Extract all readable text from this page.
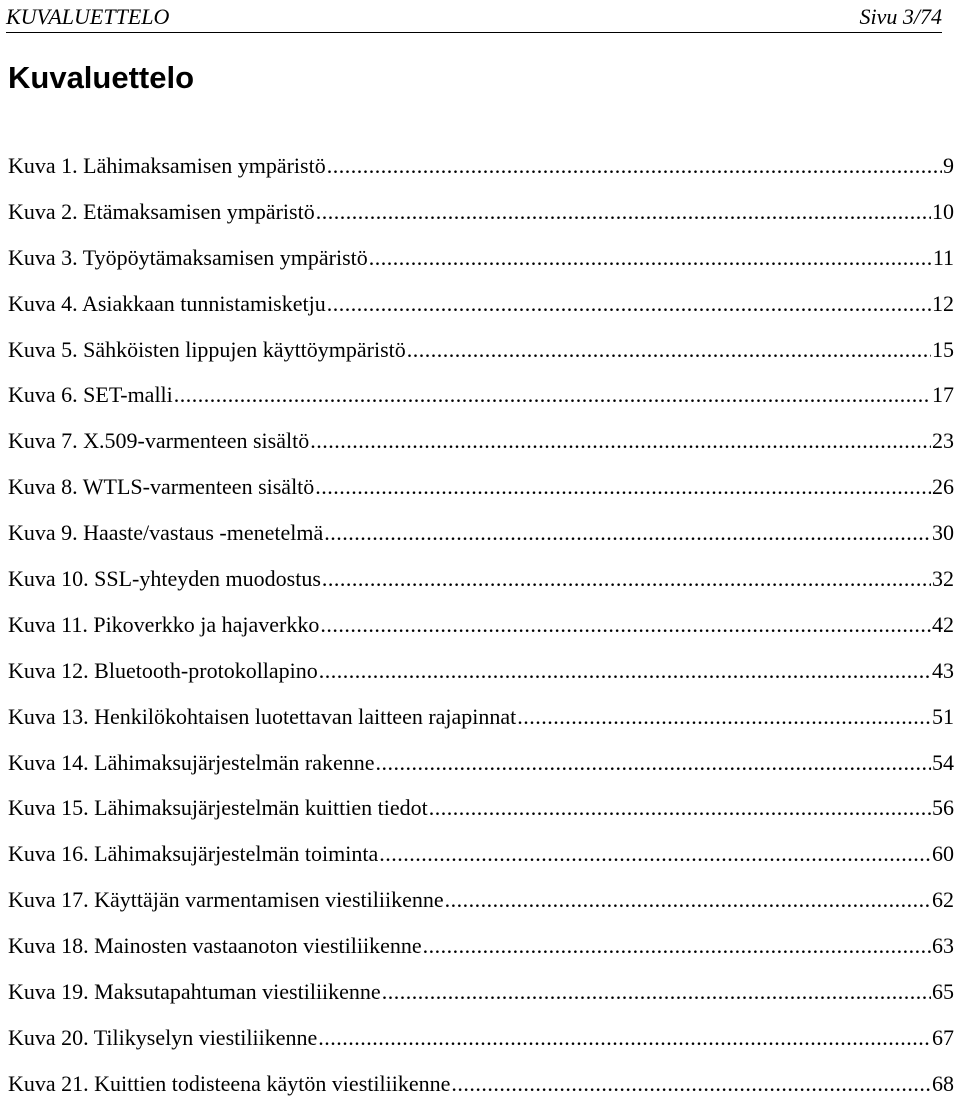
KUVALUETTELO	Sivu 3/74
Kuvaluettelo
Kuva 1. Lähimaksamisen ympäristö .....	9
Kuva 2. Etämaksamisen ympäristö .....	10
Kuva 3. Työpöytämaksamisen ympäristö .....	11
Kuva 4. Asiakkaan tunnistamisketju .....	12
Kuva 5. Sähköisten lippujen käyttöympäristö .....	15
Kuva 6. SET-malli .....	17
Kuva 7. X.509-varmenteen sisältö .....	23
Kuva 8. WTLS-varmenteen sisältö .....	26
Kuva 9. Haaste/vastaus -menetelmä .....	30
Kuva 10. SSL-yhteyden muodostus .....	32
Kuva 11. Pikoverkko ja hajaverkko .....	42
Kuva 12. Bluetooth-protokollapino .....	43
Kuva 13. Henkilökohtaisen luotettavan laitteen rajapinnat .....	51
Kuva 14. Lähimaksujärjestelmän rakenne .....	54
Kuva 15. Lähimaksujärjestelmän kuittien tiedot .....	56
Kuva 16. Lähimaksujärjestelmän toiminta .....	60
Kuva 17. Käyttäjän varmentamisen viestiliikenne .....	62
Kuva 18. Mainosten vastaanoton viestiliikenne .....	63
Kuva 19. Maksutapahtuman viestiliikenne .....	65
Kuva 20. Tilikyselyn viestiliikenne .....	67
Kuva 21. Kuittien todisteena käytön viestiliikenne .....	68
